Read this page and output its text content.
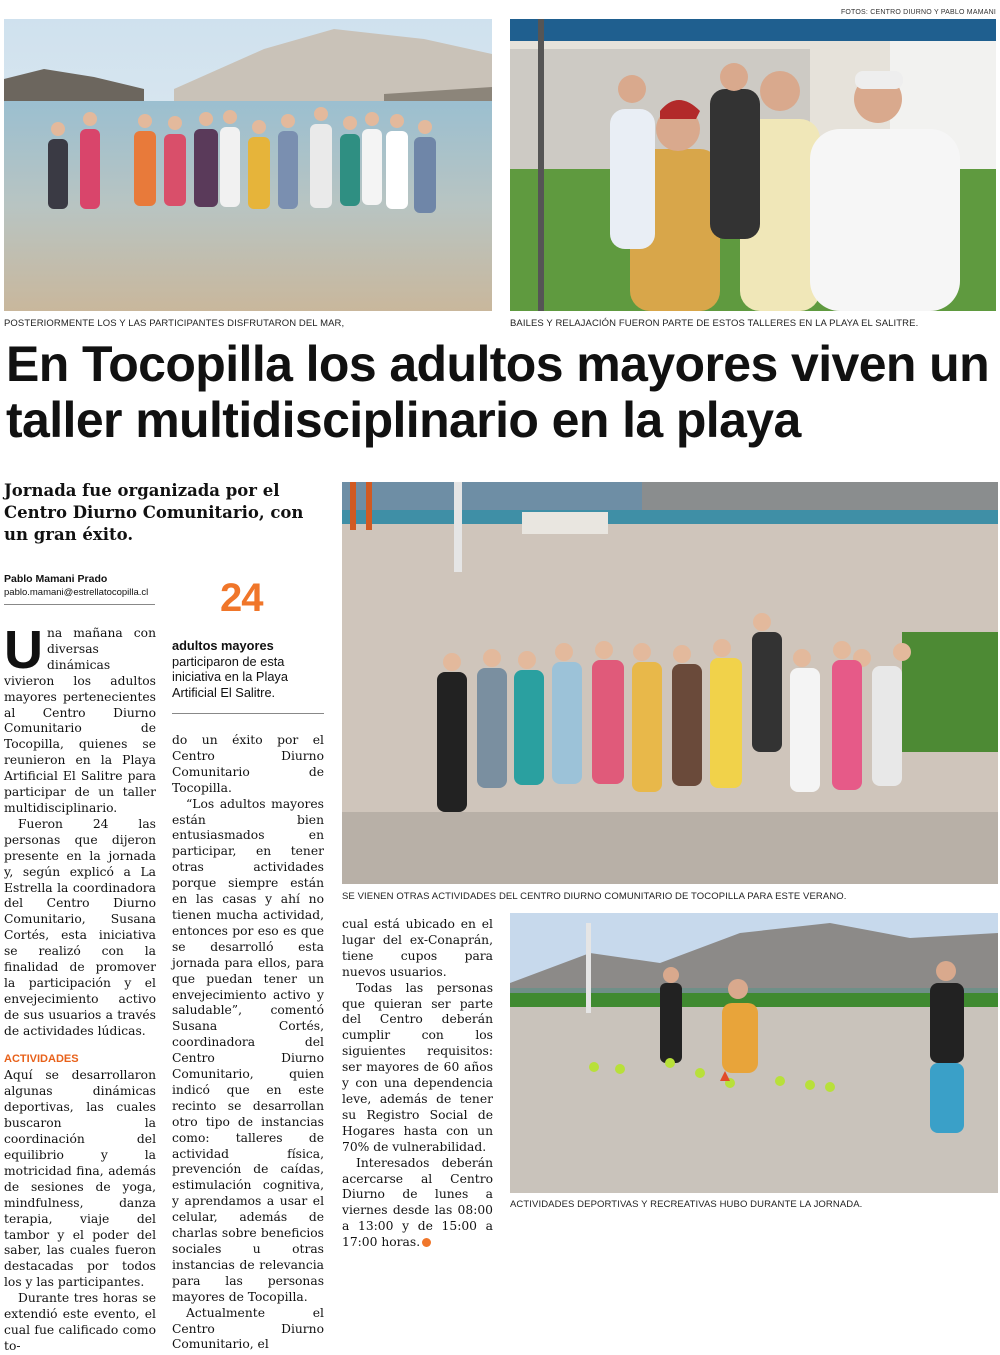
FOTOS: CENTRO DIURNO Y PABLO MAMANI
POSTERIORMENTE LOS Y LAS PARTICIPANTES DISFRUTARON DEL MAR,	BAILES Y RELAJACIÓN FUERON PARTE DE ESTOS TALLERES EN LA PLAYA EL SALITRE.
En Tocopilla los adultos mayores viven un taller multidisciplinario en la playa
Jornada fue organizada por el Centro Diurno Comunitario, con un gran éxito.
Pablo Mamani Prado
pablo.mamani@estrellatocopilla.cl 24
adultos mayores participaron de esta iniciativa en la Playa Artificial El Salitre.
SE VIENEN OTRAS ACTIVIDADES DEL CENTRO DIURNO COMUNITARIO DE TOCOPILLA PARA ESTE VERANO.
ACTIVIDADES DEPORTIVAS Y RECREATIVAS HUBO DURANTE LA JORNADA.

Una mañana con diversas dinámicas vivieron los adultos mayores pertenecientes al Centro Diurno Comunitario de Tocopilla, quienes se reunieron en la Playa Artificial El Salitre para participar de un taller multidisciplinario.

Fueron 24 las personas que dijeron presente en la jornada y, según explicó a La Estrella la coordinadora del Centro Diurno Comunitario, Susana Cortés, esta iniciativa se realizó con la finalidad de promover la participación y el envejecimiento activo de sus usuarios a través de actividades lúdicas.

ACTIVIDADES

Aquí se desarrollaron algunas dinámicas deportivas, las cuales buscaron la coordinación del equilibrio y la motricidad fina, además de sesiones de yoga, mindfulness, danza terapia, viaje del tambor y el poder del saber, las cuales fueron destacadas por todos los y las participantes.

Durante tres horas se extendió este evento, el cual fue calificado como to-

do un éxito por el Centro Diurno Comunitario de Tocopilla.

“Los adultos mayores están bien entusiasmados en participar, en tener otras actividades porque siempre están en las casas y ahí no tienen mucha actividad, entonces por eso es que se desarrolló esta jornada para ellos, para que puedan tener un envejecimiento activo y saludable”, comentó Susana Cortés, coordinadora del Centro Diurno Comunitario, quien indicó que en este recinto se desarrollan otro tipo de instancias como: talleres de actividad física, prevención de caídas, estimulación cognitiva, y aprendamos a usar el celular, además de charlas sobre beneficios sociales u otras instancias de relevancia para las personas mayores de Tocopilla.

Actualmente el Centro Diurno Comunitario, el

cual está ubicado en el lugar del ex-Conaprán, tiene cupos para nuevos usuarios.

Todas las personas que quieran ser parte del Centro deberán cumplir con los siguientes requisitos: ser mayores de 60 años y con una dependencia leve, además de tener su Registro Social de Hogares hasta con un 70% de vulnerabilidad.

Interesados deberán acercarse al Centro Diurno de lunes a viernes desde las 08:00 a 13:00 y de 15:00 a 17:00 horas.
